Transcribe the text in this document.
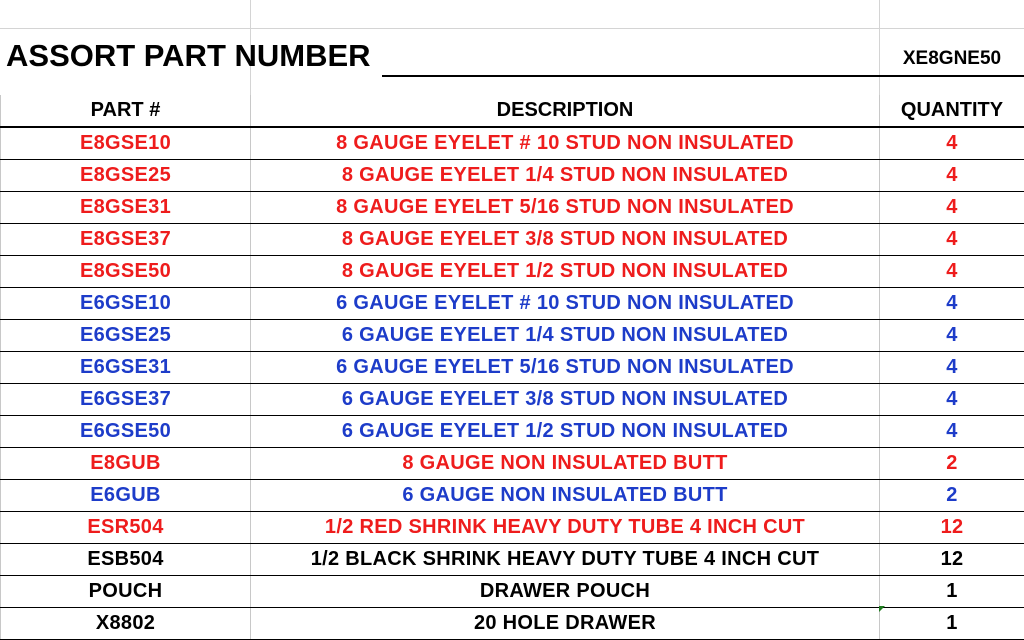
ASSORT PART NUMBER	XE8GNE50
PART #	DESCRIPTION	QUANTITY
E8GSE10	8 GAUGE EYELET # 10 STUD NON INSULATED	4
E8GSE25	8 GAUGE EYELET 1/4 STUD NON INSULATED	4
E8GSE31	8 GAUGE EYELET 5/16 STUD NON INSULATED	4
E8GSE37	8 GAUGE EYELET 3/8 STUD NON INSULATED	4
E8GSE50	8 GAUGE EYELET 1/2 STUD NON INSULATED	4
E6GSE10	6 GAUGE EYELET # 10 STUD NON INSULATED	4
E6GSE25	6 GAUGE EYELET 1/4 STUD NON INSULATED	4
E6GSE31	6 GAUGE EYELET 5/16 STUD NON INSULATED	4
E6GSE37	6 GAUGE EYELET 3/8 STUD NON INSULATED	4
E6GSE50	6 GAUGE EYELET 1/2 STUD NON INSULATED	4
E8GUB	8 GAUGE NON INSULATED BUTT	2
E6GUB	6 GAUGE NON INSULATED BUTT	2
ESR504	1/2 RED SHRINK HEAVY DUTY TUBE 4 INCH CUT	12
ESB504	1/2 BLACK SHRINK HEAVY DUTY TUBE 4 INCH CUT	12
POUCH	DRAWER POUCH	1
X8802	20 HOLE DRAWER	1
